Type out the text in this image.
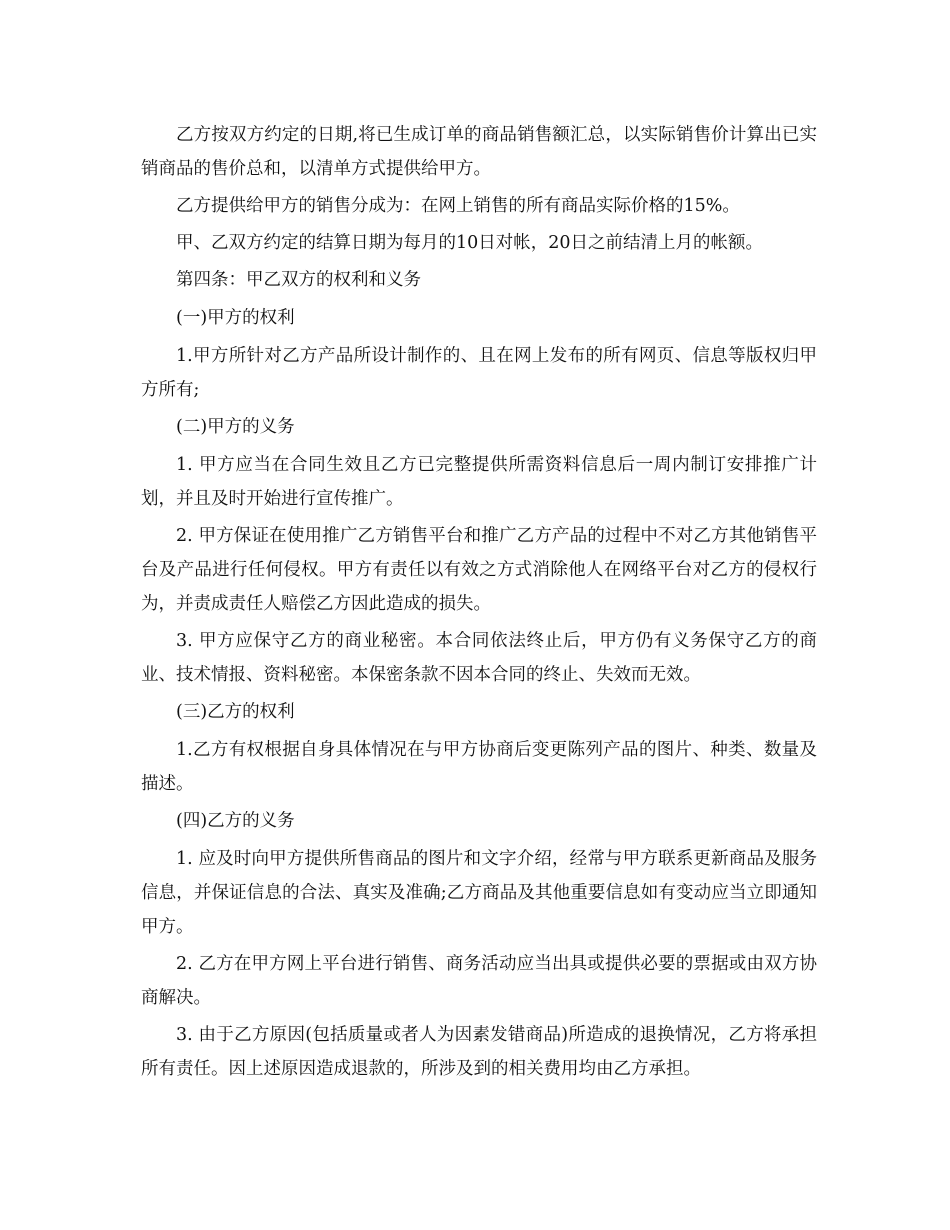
乙方按双方约定的日期,将已生成订单的商品销售额汇总，以实际销售价计算出已实销商品的售价总和，以清单方式提供给甲方。

乙方提供给甲方的销售分成为：在网上销售的所有商品实际价格的15%。

甲、乙双方约定的结算日期为每月的10日对帐，20日之前结清上月的帐额。

第四条：甲乙双方的权利和义务

(一)甲方的权利

1.甲方所针对乙方产品所设计制作的、且在网上发布的所有网页、信息等版权归甲方所有;

(二)甲方的义务

1. 甲方应当在合同生效且乙方已完整提供所需资料信息后一周内制订安排推广计划，并且及时开始进行宣传推广。

2. 甲方保证在使用推广乙方销售平台和推广乙方产品的过程中不对乙方其他销售平台及产品进行任何侵权。甲方有责任以有效之方式消除他人在网络平台对乙方的侵权行为，并责成责任人赔偿乙方因此造成的损失。

3. 甲方应保守乙方的商业秘密。本合同依法终止后，甲方仍有义务保守乙方的商业、技术情报、资料秘密。本保密条款不因本合同的终止、失效而无效。

(三)乙方的权利

1.乙方有权根据自身具体情况在与甲方协商后变更陈列产品的图片、种类、数量及描述。

(四)乙方的义务

1. 应及时向甲方提供所售商品的图片和文字介绍，经常与甲方联系更新商品及服务信息，并保证信息的合法、真实及准确;乙方商品及其他重要信息如有变动应当立即通知甲方。

2. 乙方在甲方网上平台进行销售、商务活动应当出具或提供必要的票据或由双方协商解决。

3. 由于乙方原因(包括质量或者人为因素发错商品)所造成的退换情况，乙方将承担所有责任。因上述原因造成退款的，所涉及到的相关费用均由乙方承担。
